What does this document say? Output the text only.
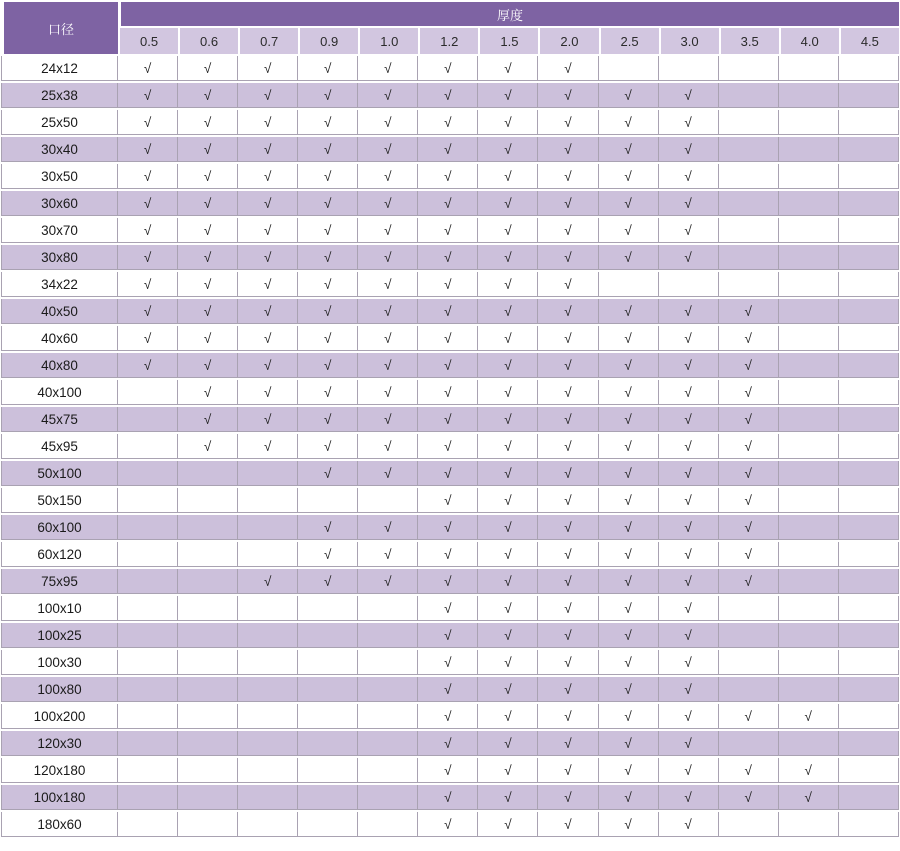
口径	厚度												
	0.5	0.6	0.7	0.9	1.0	1.2	1.5	2.0	2.5	3.0	3.5	4.0	4.5
24x12	√	√	√	√	√	√	√	√					
25x38	√	√	√	√	√	√	√	√	√	√			
25x50	√	√	√	√	√	√	√	√	√	√			
30x40	√	√	√	√	√	√	√	√	√	√			
30x50	√	√	√	√	√	√	√	√	√	√			
30x60	√	√	√	√	√	√	√	√	√	√			
30x70	√	√	√	√	√	√	√	√	√	√			
30x80	√	√	√	√	√	√	√	√	√	√			
34x22	√	√	√	√	√	√	√	√					
40x50	√	√	√	√	√	√	√	√	√	√	√		
40x60	√	√	√	√	√	√	√	√	√	√	√		
40x80	√	√	√	√	√	√	√	√	√	√	√		
40x100		√	√	√	√	√	√	√	√	√	√		
45x75		√	√	√	√	√	√	√	√	√	√		
45x95		√	√	√	√	√	√	√	√	√	√		
50x100				√	√	√	√	√	√	√	√		
50x150						√	√	√	√	√	√		
60x100				√	√	√	√	√	√	√	√		
60x120				√	√	√	√	√	√	√	√		
75x95			√	√	√	√	√	√	√	√	√		
100x10						√	√	√	√	√			
100x25						√	√	√	√	√			
100x30						√	√	√	√	√			
100x80						√	√	√	√	√			
100x200						√	√	√	√	√	√	√	
120x30						√	√	√	√	√			
120x180						√	√	√	√	√	√	√	
100x180						√	√	√	√	√	√	√	
180x60						√	√	√	√	√			
